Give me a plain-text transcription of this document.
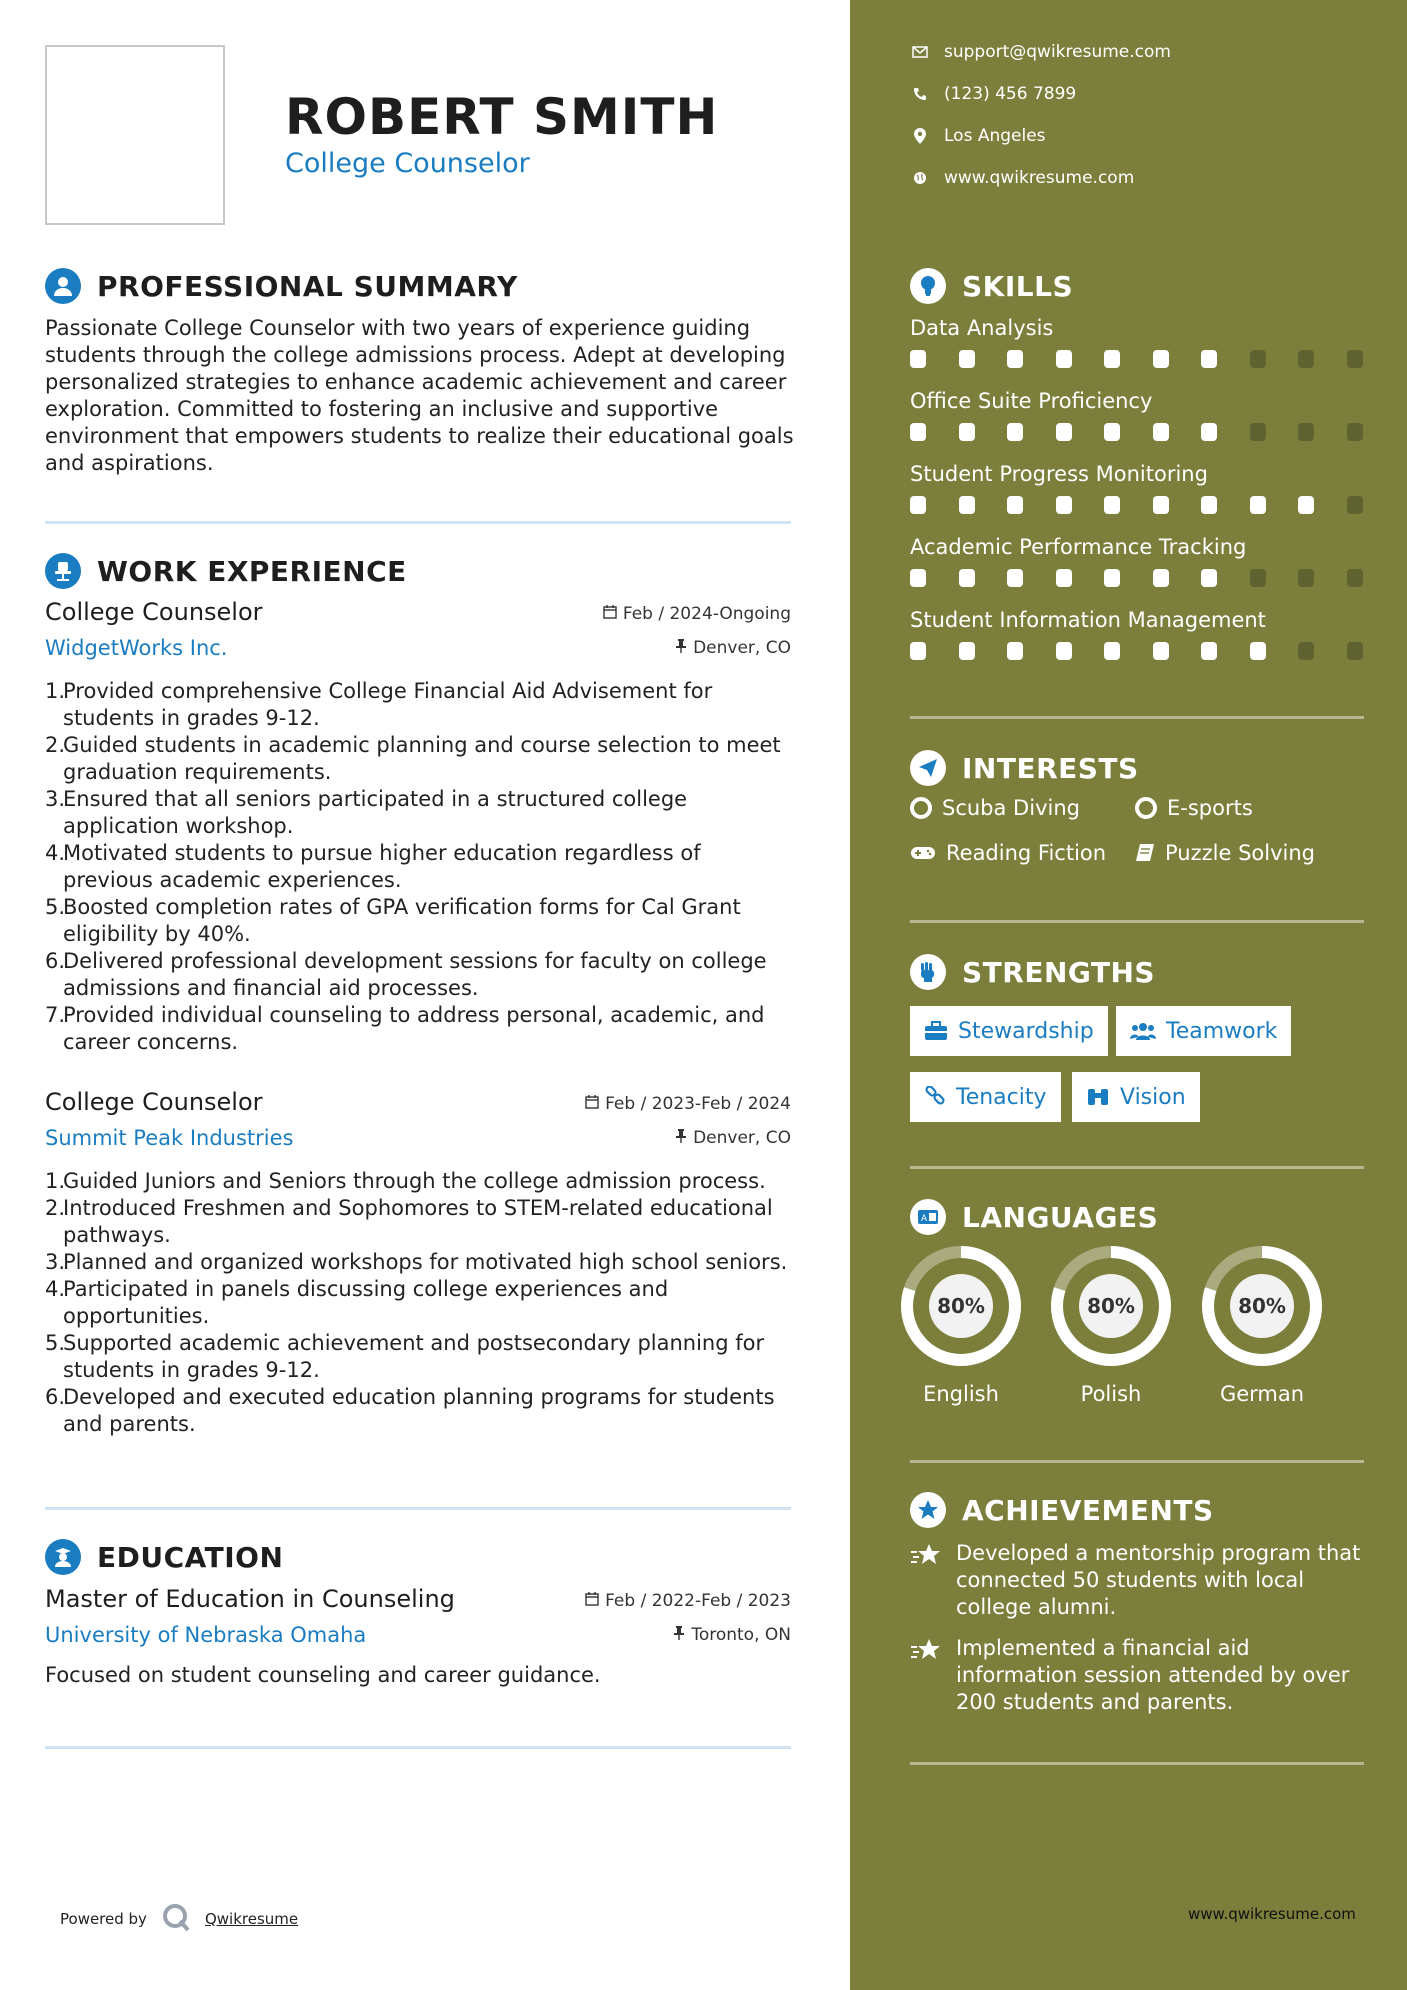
ROBERT SMITH
College Counselor
PROFESSIONAL SUMMARY
Passionate College Counselor with two years of experience guiding students through the college admissions process. Adept at developing personalized strategies to enhance academic achievement and career exploration. Committed to fostering an inclusive and supportive environment that empowers students to realize their educational goals and aspirations.
WORK EXPERIENCE
College Counselor
WidgetWorks Inc.
Feb / 2024-Ongoing
Denver, CO
1.
Provided comprehensive College Financial Aid Advisement for students in grades 9-12.
2.
Guided students in academic planning and course selection to meet graduation requirements.
3.
Ensured that all seniors participated in a structured college application workshop.
4.
Motivated students to pursue higher education regardless of previous academic experiences.
5.
Boosted completion rates of GPA verification forms for Cal Grant eligibility by 40%.
6.
Delivered professional development sessions for faculty on college admissions and financial aid processes.
7.
Provided individual counseling to address personal, academic, and career concerns.
College Counselor
Summit Peak Industries
Feb / 2023-Feb / 2024
Denver, CO
1.
Guided Juniors and Seniors through the college admission process.
2.
Introduced Freshmen and Sophomores to STEM-related educational pathways.
3.
Planned and organized workshops for motivated high school seniors.
4.
Participated in panels discussing college experiences and opportunities.
5.
Supported academic achievement and postsecondary planning for students in grades 9-12.
6.
Developed and executed education planning programs for students and parents.
EDUCATION
Master of Education in Counseling
University of Nebraska Omaha
Feb / 2022-Feb / 2023
Toronto, ON
Focused on student counseling and career guidance.
Powered by	Qwikresume
support@qwikresume.com
(123) 456 7899
Los Angeles
www.qwikresume.com
SKILLS
Data Analysis
Office Suite Proficiency
Student Progress Monitoring
Academic Performance Tracking
Student Information Management
INTERESTS
Scuba Diving	E-sports
Reading Fiction	Puzzle Solving
STRENGTHS
Stewardship	Teamwork
Tenacity	Vision
A LANGUAGES
80%
English
80%
Polish
80%
German
ACHIEVEMENTS
Developed a mentorship program that connected 50 students with local college alumni.
Implemented a financial aid information session attended by over 200 students and parents.
www.qwikresume.com
